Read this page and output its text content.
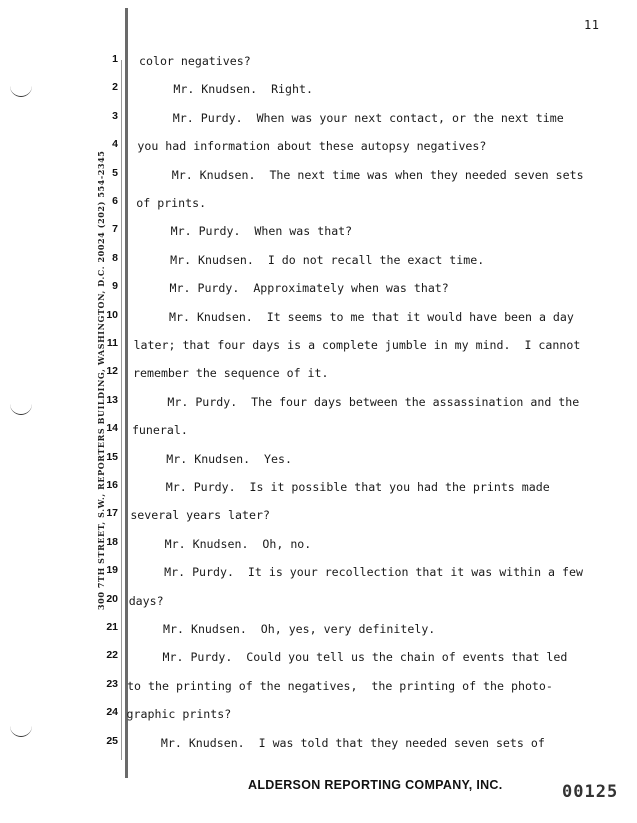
11
300 7TH STREET, S.W., REPORTERS BUILDING, WASHINGTON, D.C. 20024 (202) 554-2345
1 color negatives?
2 Mr. Knudsen.  Right.
3 Mr. Purdy.  When was your next contact, or the next time
4 you had information about these autopsy negatives?
5 Mr. Knudsen.  The next time was when they needed seven sets
6 of prints.
7 Mr. Purdy.  When was that?
8 Mr. Knudsen.  I do not recall the exact time.
9 Mr. Purdy.  Approximately when was that?
10 Mr. Knudsen.  It seems to me that it would have been a day
11 later; that four days is a complete jumble in my mind.  I cannot
12 remember the sequence of it.
13 Mr. Purdy.  The four days between the assassination and the
14 funeral.
15 Mr. Knudsen.  Yes.
16 Mr. Purdy.  Is it possible that you had the prints made
17 several years later?
18 Mr. Knudsen.  Oh, no.
19 Mr. Purdy.  It is your recollection that it was within a few
20 days?
21 Mr. Knudsen.  Oh, yes, very definitely.
22 Mr. Purdy.  Could you tell us the chain of events that led
23 to the printing of the negatives,  the printing of the photo-
24 graphic prints?
25 Mr. Knudsen.  I was told that they needed seven sets of
ALDERSON REPORTING COMPANY, INC.	00125
